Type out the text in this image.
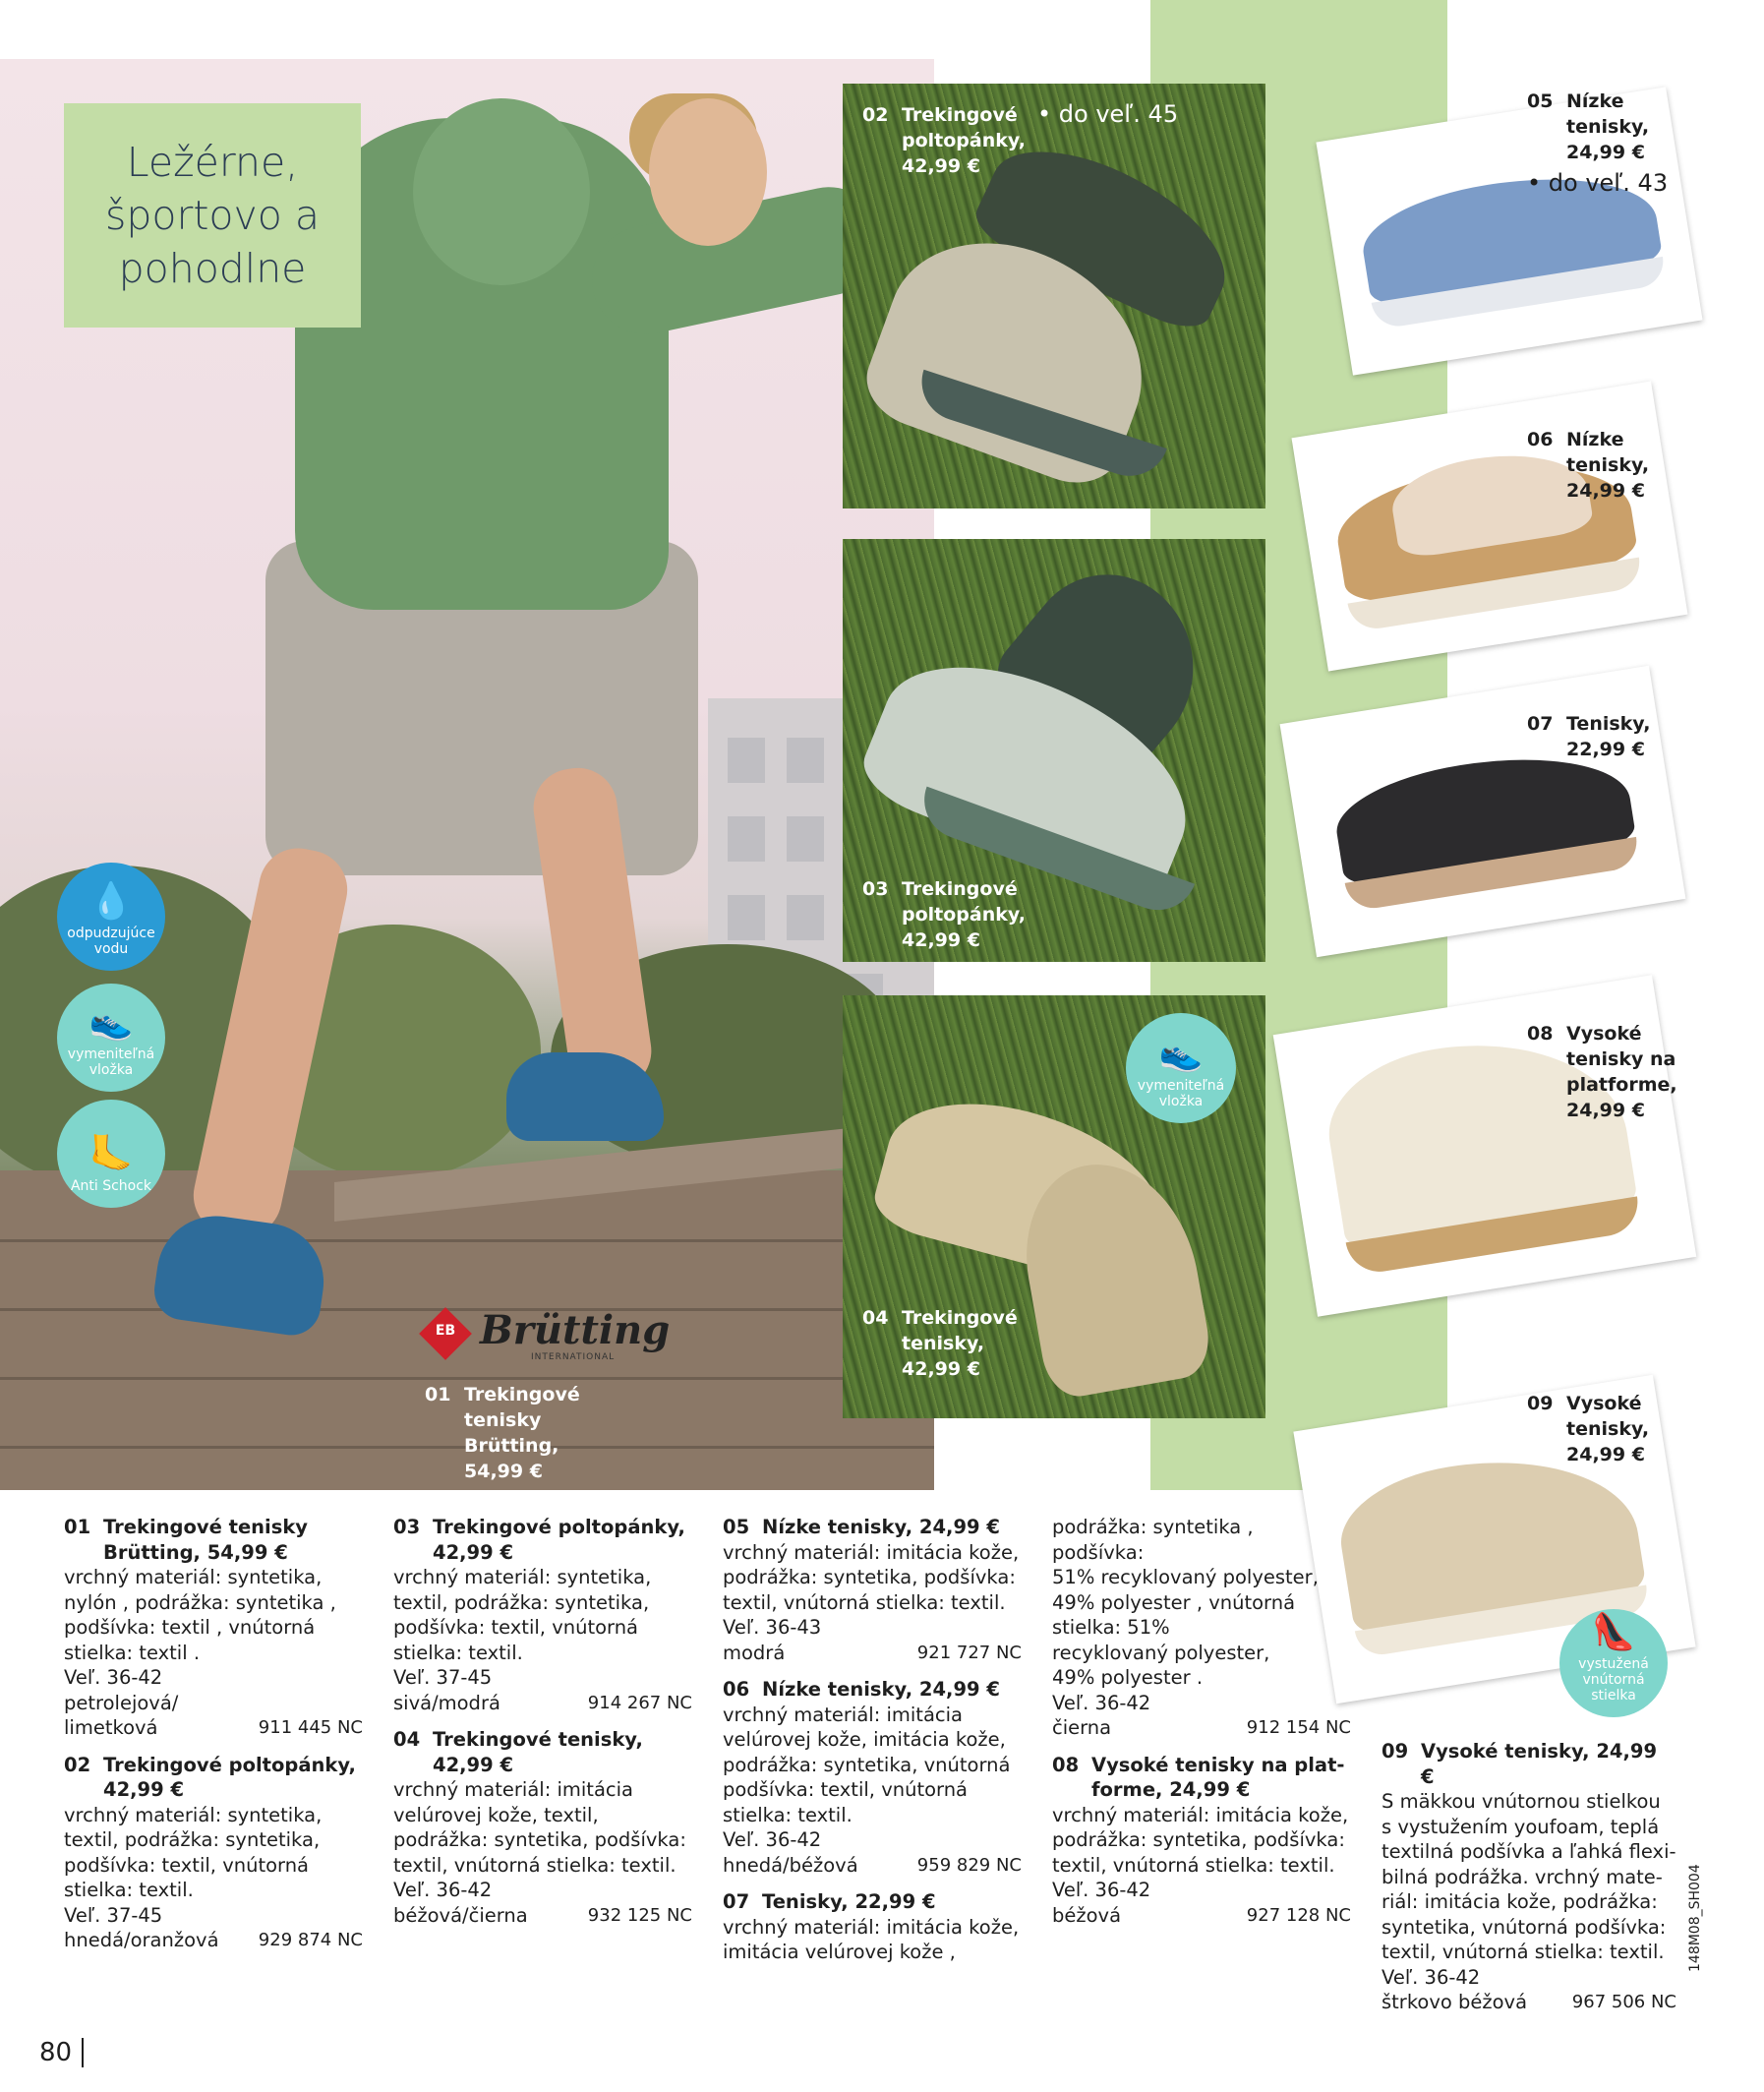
Ležérne,
športovo a
pohodlne
💧
odpudzujúce vodu
👟
vymeniteľná vložka
🦶
Anti Schock
EB Brütting
INTERNATIONAL
01 Trekingové tenisky Brütting,
54,99 €
02 Trekingové
poltopánky,
42,99 €
• do veľ. 45
03 Trekingové
poltopánky,
42,99 €
👟
vymeniteľná vložka
04 Trekingové
tenisky,
42,99 €
05 Nízke
tenisky,
24,99 €
• do veľ. 43
06 Nízke
tenisky,
24,99 €
07 Tenisky,
22,99 €
08 Vysoké
tenisky na
platforme,
24,99 €
09 Vysoké
tenisky,
24,99 €
👠
vystužená vnútorná stielka
01 Trekingové tenisky
Brütting, 54,99 €
vrchný materiál: syntetika,
nylón , podrážka: syntetika ,
podšívka: textil , vnútorná
stielka: textil .
Veľ. 36-42
petrolejová/
limetková	911 445 NC
02 Trekingové poltopánky,
42,99 €
vrchný materiál: syntetika,
textil, podrážka: syntetika,
podšívka: textil, vnútorná
stielka: textil.
Veľ. 37-45
hnedá/oranžová 929 874 NC
03 Trekingové poltopánky,
42,99 €
vrchný materiál: syntetika,
textil, podrážka: syntetika,
podšívka: textil, vnútorná
stielka: textil.
Veľ. 37-45
sivá/modrá	914 267 NC
04 Trekingové tenisky,
42,99 €
vrchný materiál: imitácia
velúrovej kože, textil,
podrážka: syntetika, podšívka:
textil, vnútorná stielka: textil.
Veľ. 36-42
béžová/čierna	932 125 NC
05 Nízke tenisky, 24,99 €
vrchný materiál: imitácia kože,
podrážka: syntetika, podšívka:
textil, vnútorná stielka: textil.
Veľ. 36-43
modrá	921 727 NC
06 Nízke tenisky, 24,99 €
vrchný materiál: imitácia
velúrovej kože, imitácia kože,
podrážka: syntetika, vnútorná
podšívka: textil, vnútorná
stielka: textil.
Veľ. 36-42
hnedá/béžová	959 829 NC
07 Tenisky, 22,99 €
vrchný materiál: imitácia kože,
imitácia velúrovej kože ,
podrážka: syntetika , podšívka:
51% recyklovaný polyester,
49% polyester , vnútorná
stielka: 51%
recyklovaný polyester,
49% polyester .
Veľ. 36-42
čierna	912 154 NC
08 Vysoké tenisky na plat-
forme, 24,99 €
vrchný materiál: imitácia kože,
podrážka: syntetika, podšívka:
textil, vnútorná stielka: textil.
Veľ. 36-42
béžová	927 128 NC
09 Vysoké tenisky, 24,99 €
S mäkkou vnútornou stielkou
s vystužením youfoam, teplá
textilná podšívka a ľahká flexi-
bilná podrážka. vrchný mate-
riál: imitácia kože, podrážka:
syntetika, vnútorná podšívka:
textil, vnútorná stielka: textil.
Veľ. 36-42
štrkovo béžová	967 506 NC
80
148M08_SH004
